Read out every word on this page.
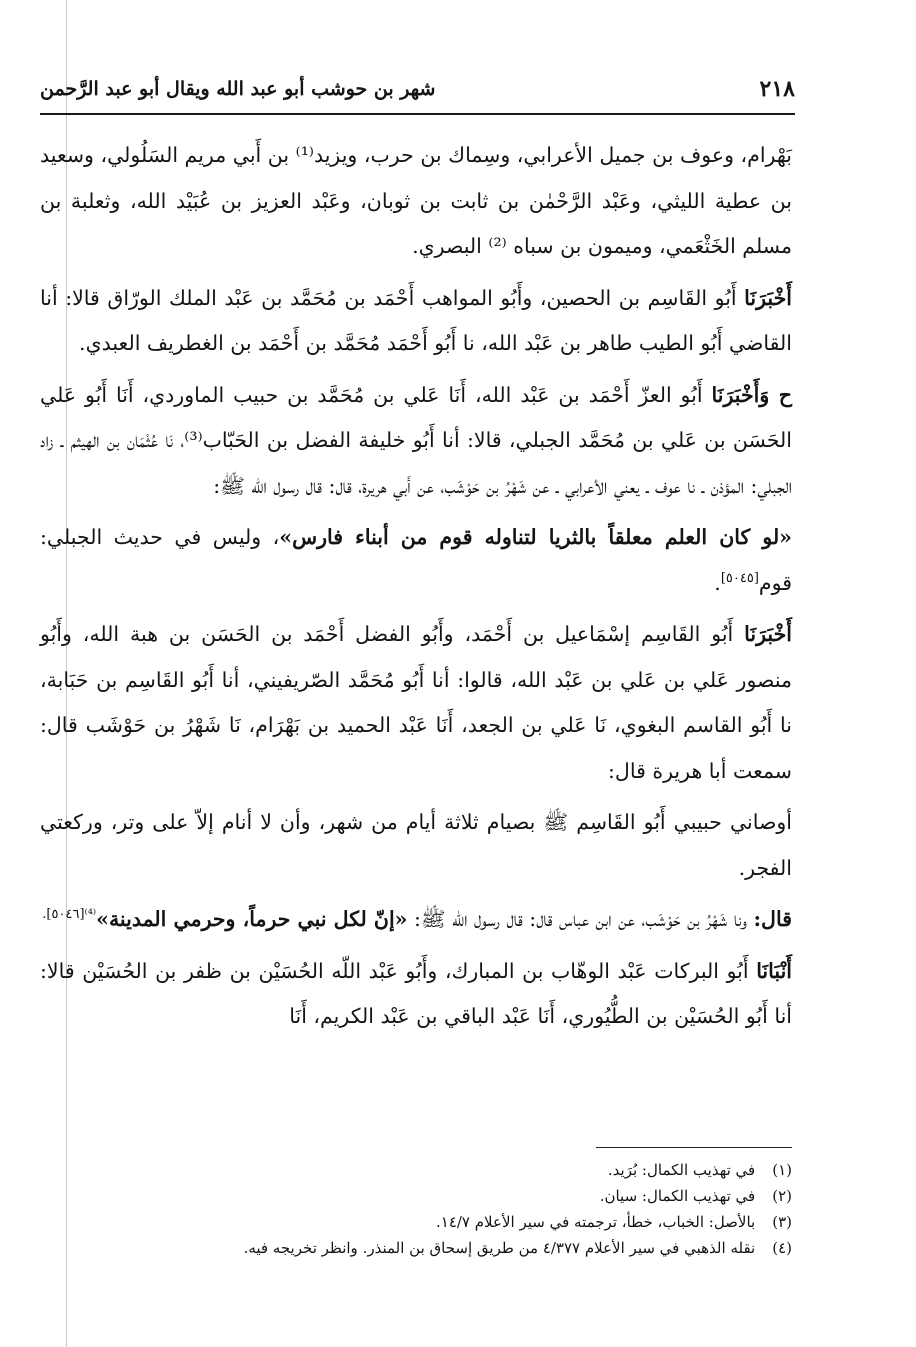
٢١٨
شهر بن حوشب أبو عبد الله ويقال أبو عبد الرَّحمن

بَهْرام، وعوف بن جميل الأعرابي، وسِماك بن حرب، ويزيد⁽¹⁾ بن أَبي مريم السَلُولي، وسعيد بن عطية الليثي، وعَبْد الرَّحْمٰن بن ثابت بن ثوبان، وعَبْد العزيز بن عُبَيْد الله، وثعلبة بن مسلم الخَثْعَمي، وميمون بن سباه ⁽²⁾ البصري.

أَخْبَرَنَا أَبُو القَاسِم بن الحصين، وأَبُو المواهب أَحْمَد بن مُحَمَّد بن عَبْد الملك الورّاق قالا: أنا القاضي أَبُو الطيب طاهر بن عَبْد الله، نا أَبُو أَحْمَد مُحَمَّد بن أَحْمَد بن الغطريف العبدي.

ح وَأَخْبَرَنَا أَبُو العزّ أَحْمَد بن عَبْد الله، أَنَا عَلي بن مُحَمَّد بن حبيب الماوردي، أَنَا أَبُو عَلي الحَسَن بن عَلي بن مُحَمَّد الجبلي، قالا: أنا أَبُو خليفة الفضل بن الحَبّاب⁽³⁾، نَا عُثْمَان بن الهيثم ـ زاد الجبلي: المؤذن ـ نا عوف ـ يعني الأعرابي ـ عن شَهْرُ بن حَوْشَب، عن أَبي هريرة، قال: قال رسول الله ﷺ:

«لو كان العلم معلقاً بالثريا لتناوله قوم من أبناء فارس»، وليس في حديث الجبلي: قوم[٥٠٤٥].

أَخْبَرَنَا أَبُو القَاسِم إسْمَاعيل بن أَحْمَد، وأَبُو الفضل أَحْمَد بن الحَسَن بن هبة الله، وأَبُو منصور عَلي بن عَلي بن عَبْد الله، قالوا: أنا أَبُو مُحَمَّد الصّريفيني، أنا أَبُو القَاسِم بن حَبَابة، نا أَبُو القاسم البغوي، نَا عَلي بن الجعد، أَنَا عَبْد الحميد بن بَهْرَام، نَا شَهْرُ بن حَوْشَب قال: سمعت أبا هريرة قال:

أوصاني حبيبي أَبُو القَاسِم ﷺ بصيام ثلاثة أيام من شهر، وأن لا أنام إلاّ على وتر، وركعتي الفجر.

قال: ونا شَهْرُ بن حَوْشَب، عن ابن عباس قال: قال رسول الله ﷺ: «إنّ لكل نبي حرماً، وحرمي المدينة»$^{^{(4)}[٥٠٤٦].}$

أَنْبَانَا أَبُو البركات عَبْد الوهّاب بن المبارك، وأَبُو عَبْد اللّه الحُسَيْن بن ظفر بن الحُسَيْن قالا: أنا أَبُو الحُسَيْن بن الطُّيُوري، أَنَا عَبْد الباقي بن عَبْد الكريم، أَنَا

(١) في تهذيب الكمال: بُرَيد.

(٢) في تهذيب الكمال: سيان.

(٣) بالأصل: الخباب، خطأ، ترجمته في سير الأعلام ١٤/٧.

(٤) نقله الذهبي في سير الأعلام ٤/٣٧٧ من طريق إسحاق بن المنذر. وانظر تخريجه فيه.
